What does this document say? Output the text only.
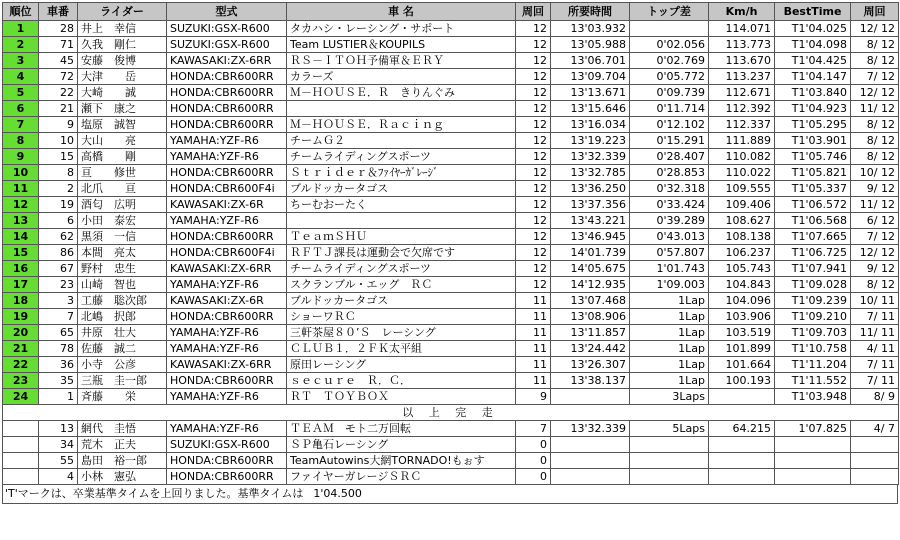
順位	車番	ライダー	型式	車 名	周回	所要時間	トップ差	Km/h	BestTime	周回
1	28	井上　幸信	SUZUKI:GSX-R600	タカハシ・レーシング・サポート	12	13'03.932		114.071	T1'04.025	12/ 12
2	71	久我　剛仁	SUZUKI:GSX-R600	Team LUSTIER＆KOUPILS	12	13'05.988	0'02.056	113.773	T1'04.098	8/ 12
3	45	安藤　俊博	KAWASAKI:ZX-6RR	ＲＳ－ＩＴＯＨ予備軍＆ＥＲＹ	12	13'06.701	0'02.769	113.670	T1'04.425	8/ 12
4	72	大津　　岳	HONDA:CBR600RR	カラーズ	12	13'09.704	0'05.772	113.237	T1'04.147	7/ 12
5	22	大崎　　誠	HONDA:CBR600RR	Ｍ－ＨＯＵＳＥ．Ｒ　きりんぐみ	12	13'13.671	0'09.739	112.671	T1'03.840	12/ 12
6	21	瀬下　康之	HONDA:CBR600RR		12	13'15.646	0'11.714	112.392	T1'04.923	11/ 12
7	9	塩原　誠智	HONDA:CBR600RR	Ｍ－ＨＯＵＳＥ．Ｒａｃｉｎｇ	12	13'16.034	0'12.102	112.337	T1'05.295	8/ 12
8	10	大山　　亮	YAMAHA:YZF-R6	チームＧ２	12	13'19.223	0'15.291	111.889	T1'03.901	8/ 12
9	15	高橋　　剛	YAMAHA:YZF-R6	チームライディングスポーツ	12	13'32.339	0'28.407	110.082	T1'05.746	8/ 12
10	8	亘　　修世	HONDA:CBR600RR	Ｓｔｒｉｄｅｒ＆ﾌｧｲﾔｰｶﾞﾚｰｼﾞ	12	13'32.785	0'28.853	110.022	T1'05.821	10/ 12
11	2	北爪　　亘	HONDA:CBR600F4i	ブルドッカータゴス	12	13'36.250	0'32.318	109.555	T1'05.337	9/ 12
12	19	酒匂　広明	KAWASAKI:ZX-6R	ちーむおーたく	12	13'37.356	0'33.424	109.406	T1'06.572	11/ 12
13	6	小田　泰宏	YAMAHA:YZF-R6		12	13'43.221	0'39.289	108.627	T1'06.568	6/ 12
14	62	黒須　一信	HONDA:CBR600RR	ＴｅａｍＳＨＵ	12	13'46.945	0'43.013	108.138	T1'07.665	7/ 12
15	86	本間　亮太	HONDA:CBR600F4i	ＲＦＴＪ課長は運動会で欠席です	12	14'01.739	0'57.807	106.237	T1'06.725	12/ 12
16	67	野村　忠生	KAWASAKI:ZX-6RR	チームライディングスポーツ	12	14'05.675	1'01.743	105.743	T1'07.941	9/ 12
17	23	山崎　智也	YAMAHA:YZF-R6	スクランブル・エッグ　ＲＣ	12	14'12.935	1'09.003	104.843	T1'09.028	8/ 12
18	3	工藤　聡次郎	KAWASAKI:ZX-6R	ブルドッカータゴス	11	13'07.468	1Lap	104.096	T1'09.239	10/ 11
19	7	北嶋　択郎	HONDA:CBR600RR	ショーワＲＣ	11	13'08.906	1Lap	103.906	T1'09.210	7/ 11
20	65	井原　壮大	YAMAHA:YZF-R6	三軒茶屋８０’Ｓ　レーシング	11	13'11.857	1Lap	103.519	T1'09.703	11/ 11
21	78	佐藤　誠二	YAMAHA:YZF-R6	ＣＬＵＢ１．２ＦＫ太平組	11	13'24.442	1Lap	101.899	T1'10.758	4/ 11
22	36	小寺　公彦	KAWASAKI:ZX-6RR	原田レーシング	11	13'26.307	1Lap	101.664	T1'11.204	7/ 11
23	35	三瓶　圭一郎	HONDA:CBR600RR	ｓｅｃｕｒｅ　Ｒ．Ｃ．	11	13'38.137	1Lap	100.193	T1'11.552	7/ 11
24	1	斉藤　　栄	YAMAHA:YZF-R6	ＲＴ　ＴＯＹＢＯＸ	9		3Laps		T1'03.948	8/ 9
以 上 完 走										
	13	網代　圭悟	YAMAHA:YZF-R6	ＴＥＡＭ　モト二万回転	7	13'32.339	5Laps	64.215	1'07.825	4/ 7
	34	荒木　正夫	SUZUKI:GSX-R600	ＳＰ亀石レーシング	0					
	55	島田　裕一郎	HONDA:CBR600RR	TeamAutowins大網TORNADO!もぉす	0					
	4	小林　憲弘	HONDA:CBR600RR	ファイヤーガレージＳＲＣ	0					
'T'マークは、卒業基準タイムを上回りました。基準タイムは 1'04.500
